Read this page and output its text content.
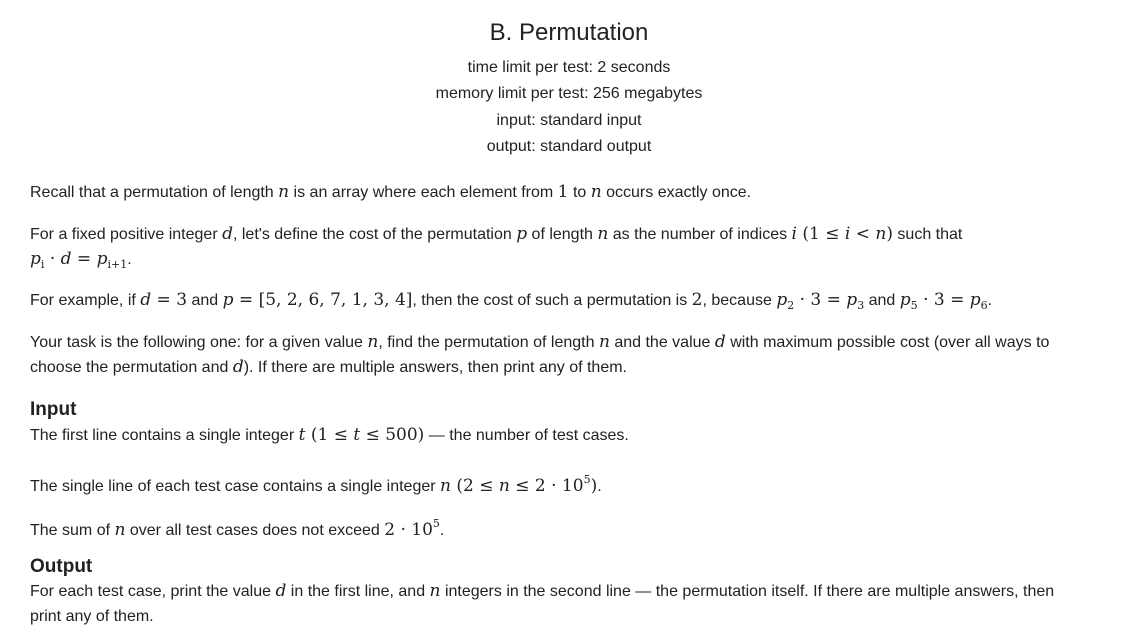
B. Permutation
time limit per test: 2 seconds
memory limit per test: 256 megabytes
input: standard input
output: standard output

Recall that a permutation of length n is an array where each element from 1 to n occurs exactly once.

For a fixed positive integer d, let's define the cost of the permutation p of length n as the number of indices i (1 ≤ i < n) such that
$p_i \cdot d = p_{i+1}$.

For example, if d = 3 and p = [5, 2, 6, 7, 1, 3, 4], then the cost of such a permutation is 2, because $p_2 \cdot 3 = p_3$ and $p_5 \cdot 3 = p_6$.

Your task is the following one: for a given value n, find the permutation of length n and the value d with maximum possible cost (over all ways to choose the permutation and d). If there are multiple answers, then print any of them.

Input

The first line contains a single integer t (1 ≤ t ≤ 500) — the number of test cases.

The single line of each test case contains a single integer n $(2 \le n \le 2 \cdot 10^5)$.

The sum of n over all test cases does not exceed $2 \cdot 10^5$.

Output

For each test case, print the value d in the first line, and n integers in the second line — the permutation itself. If there are multiple answers, then print any of them.
